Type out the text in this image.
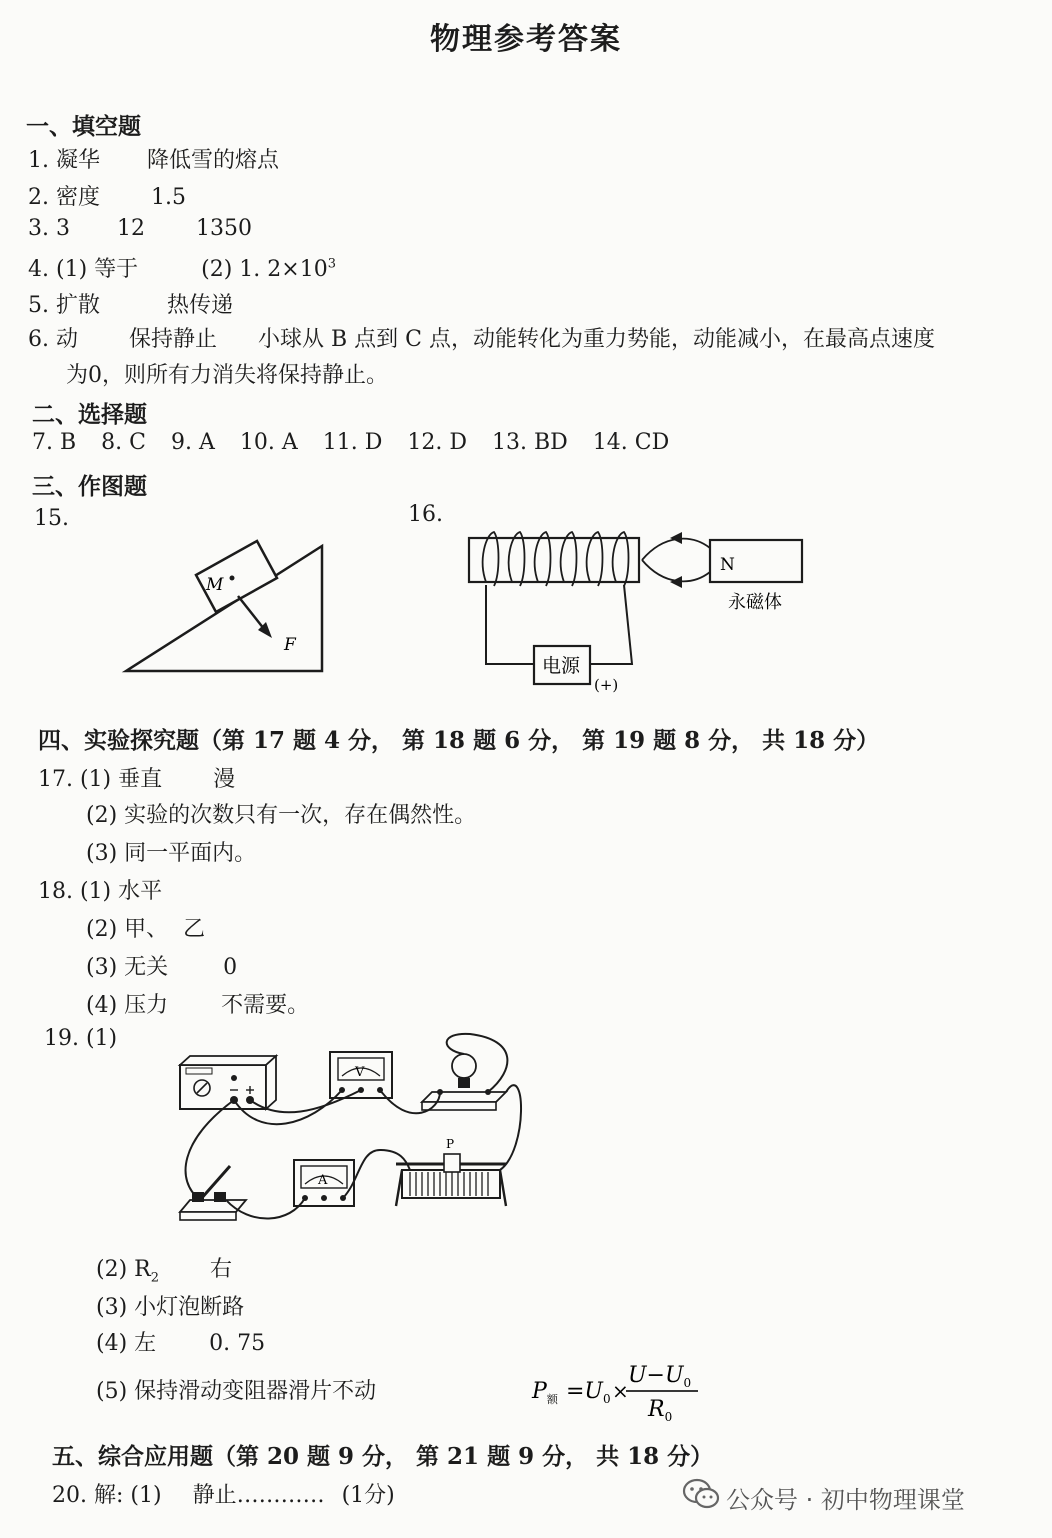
物理参考答案
一、填空题
1. 凝华 降低雪的熔点
2. 密度 1.5
3. 3 12 1350
4. (1) 等于	(2) 1. $2\times 10^3$
5. 扩散	热传递
6. 动 保持静止 小球从 B 点到 C 点，动能转化为重力势能，动能减小，在最高点速度
为0，则所有力消失将保持静止。
二、选择题
7. B 8. C 9. A 10. A 11. D 12. D 13. BD 14. CD
三、作图题
15.	16.
M
F
N
永磁体
电源
(+)
四、实验探究题（第 17 题 4 分， 第 18 题 6 分， 第 19 题 8 分， 共 18 分）
17. (1) 垂直 漫
(2) 实验的次数只有一次，存在偶然性。
(3) 同一平面内。
18. (1) 水平
(2) 甲、 乙
(3) 无关	0
(4) 压力 不需要。
19. (1)
V
A
P
(2) $R_2$ 右
(3) 小灯泡断路
(4) 左 0. 75
(5) 保持滑动变阻器滑片不动	$P_额 =U_0$ ×
$U-U_0$
$R_0$
五、综合应用题（第 20 题 9 分， 第 21 题 9 分， 共 18 分）
20. 解: (1) 静止………… (1分)	公众号 · 初中物理课堂
